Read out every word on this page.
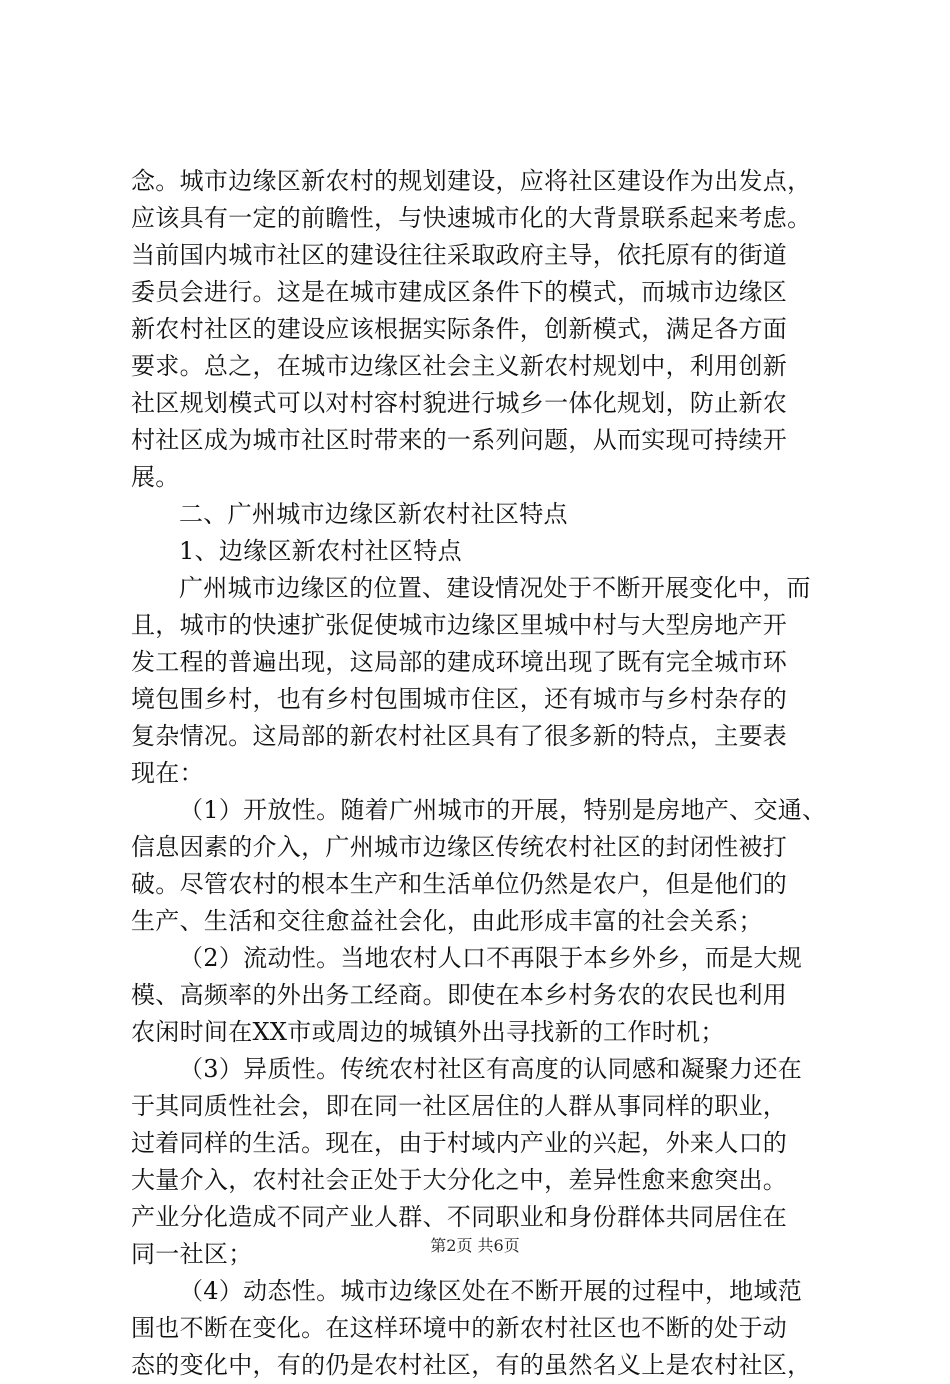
念。城市边缘区新农村的规划建设，应将社区建设作为出发点，
应该具有一定的前瞻性，与快速城市化的大背景联系起来考虑。
当前国内城市社区的建设往往采取政府主导，依托原有的街道
委员会进行。这是在城市建成区条件下的模式，而城市边缘区
新农村社区的建设应该根据实际条件，创新模式，满足各方面
要求。总之，在城市边缘区社会主义新农村规划中，利用创新
社区规划模式可以对村容村貌进行城乡一体化规划，防止新农
村社区成为城市社区时带来的一系列问题，从而实现可持续开
展。
二、广州城市边缘区新农村社区特点
1、边缘区新农村社区特点
广州城市边缘区的位置、建设情况处于不断开展变化中，而
且，城市的快速扩张促使城市边缘区里城中村与大型房地产开
发工程的普遍出现，这局部的建成环境出现了既有完全城市环
境包围乡村，也有乡村包围城市住区，还有城市与乡村杂存的
复杂情况。这局部的新农村社区具有了很多新的特点，主要表
现在：
（1）开放性。随着广州城市的开展，特别是房地产、交通、
信息因素的介入，广州城市边缘区传统农村社区的封闭性被打
破。尽管农村的根本生产和生活单位仍然是农户，但是他们的
生产、生活和交往愈益社会化，由此形成丰富的社会关系；
（2）流动性。当地农村人口不再限于本乡外乡，而是大规
模、高频率的外出务工经商。即使在本乡村务农的农民也利用
农闲时间在XX市或周边的城镇外出寻找新的工作时机；
（3）异质性。传统农村社区有高度的认同感和凝聚力还在
于其同质性社会，即在同一社区居住的人群从事同样的职业，
过着同样的生活。现在，由于村域内产业的兴起，外来人口的
大量介入，农村社会正处于大分化之中，差异性愈来愈突出。
产业分化造成不同产业人群、不同职业和身份群体共同居住在
同一社区；
（4）动态性。城市边缘区处在不断开展的过程中，地域范
围也不断在变化。在这样环境中的新农村社区也不断的处于动
态的变化中，有的仍是农村社区，有的虽然名义上是农村社区，
第2页 共6页
